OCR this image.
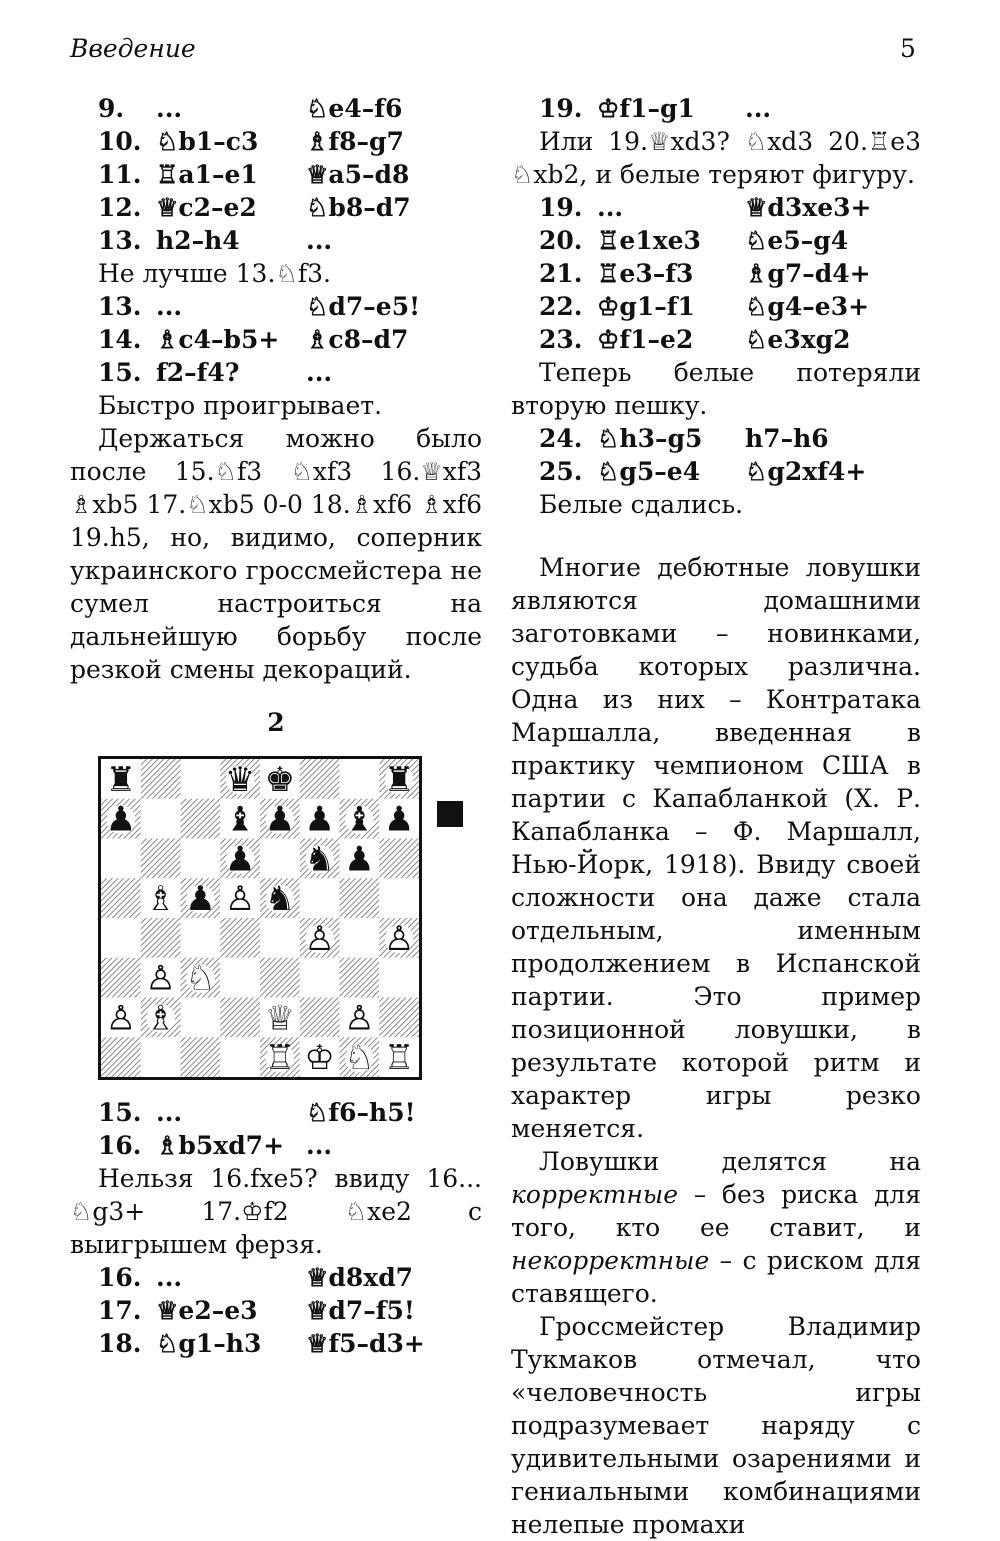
Введение	5
9.	...	♘e4–f6
10. ♘b1–c3	♗f8–g7
11. ♖a1–e1	♕a5–d8
12. ♕c2–e2	♘b8–d7
13. h2–h4	...

Не лучше 13.♘f3.

13. ...	♘d7–e5!
14. ♗c4–b5+	♗c8–d7
15. f2–f4?	...

Быстро проигрывает.

Держаться можно было после 15.♘f3 ♘xf3 16.♕xf3 ♗xb5 17.♘xb5 0-0 18.♗xf6 ♗xf6 19.h5, но, видимо, соперник украинского гроссмейстера не сумел настроиться на дальнейшую борьбу после резкой смены декораций.

2
♜	♛ ♚	♜
♟	♝ ♟ ♟ ♝ ♟
♟ ♞ ♟
♗ ♟ ♙ ♞
♙ ♙
♙ ♘
♙ ♗	♕ ♙
♖ ♔ ♘ ♖
15. ...	♘f6–h5!
16. ♗b5xd7+ ...

Нельзя 16.fxe5? ввиду 16... ♘g3+ 17.♔f2 ♘xe2 с выигрышем ферзя.

16. ...	♕d8xd7
17. ♕e2–e3	♕d7–f5!
18. ♘g1–h3	♕f5–d3+
19. ♔f1–g1	...

Или 19.♕xd3? ♘xd3 20.♖e3 ♘xb2, и белые теряют фигуру.

19. ...	♕d3xe3+
20. ♖e1xe3	♘e5–g4
21. ♖e3–f3	♗g7–d4+
22. ♔g1–f1	♘g4–e3+
23. ♔f1–e2	♘e3xg2

Теперь белые потеряли вторую пешку.

24. ♘h3–g5	h7–h6
25. ♘g5–e4	♘g2xf4+

Белые сдались.

Многие дебютные ловушки являются домашними заготовками – новинками, судьба которых различна. Одна из них – Контратака Маршалла, введенная в практику чемпионом США в партии с Капабланкой (Х. Р. Капабланка – Ф. Маршалл, Нью-Йорк, 1918). Ввиду своей сложности она даже стала отдельным, именным продолжением в Испанской партии. Это пример позиционной ловушки, в результате которой ритм и характер игры резко меняется.

Ловушки делятся на корректные – без риска для того, кто ее ставит, и некорректные – с риском для ставящего.

Гроссмейстер Владимир Тукмаков отмечал, что «человечность игры подразумевает наряду с удивительными озарениями и гениальными комбинациями нелепые промахи
